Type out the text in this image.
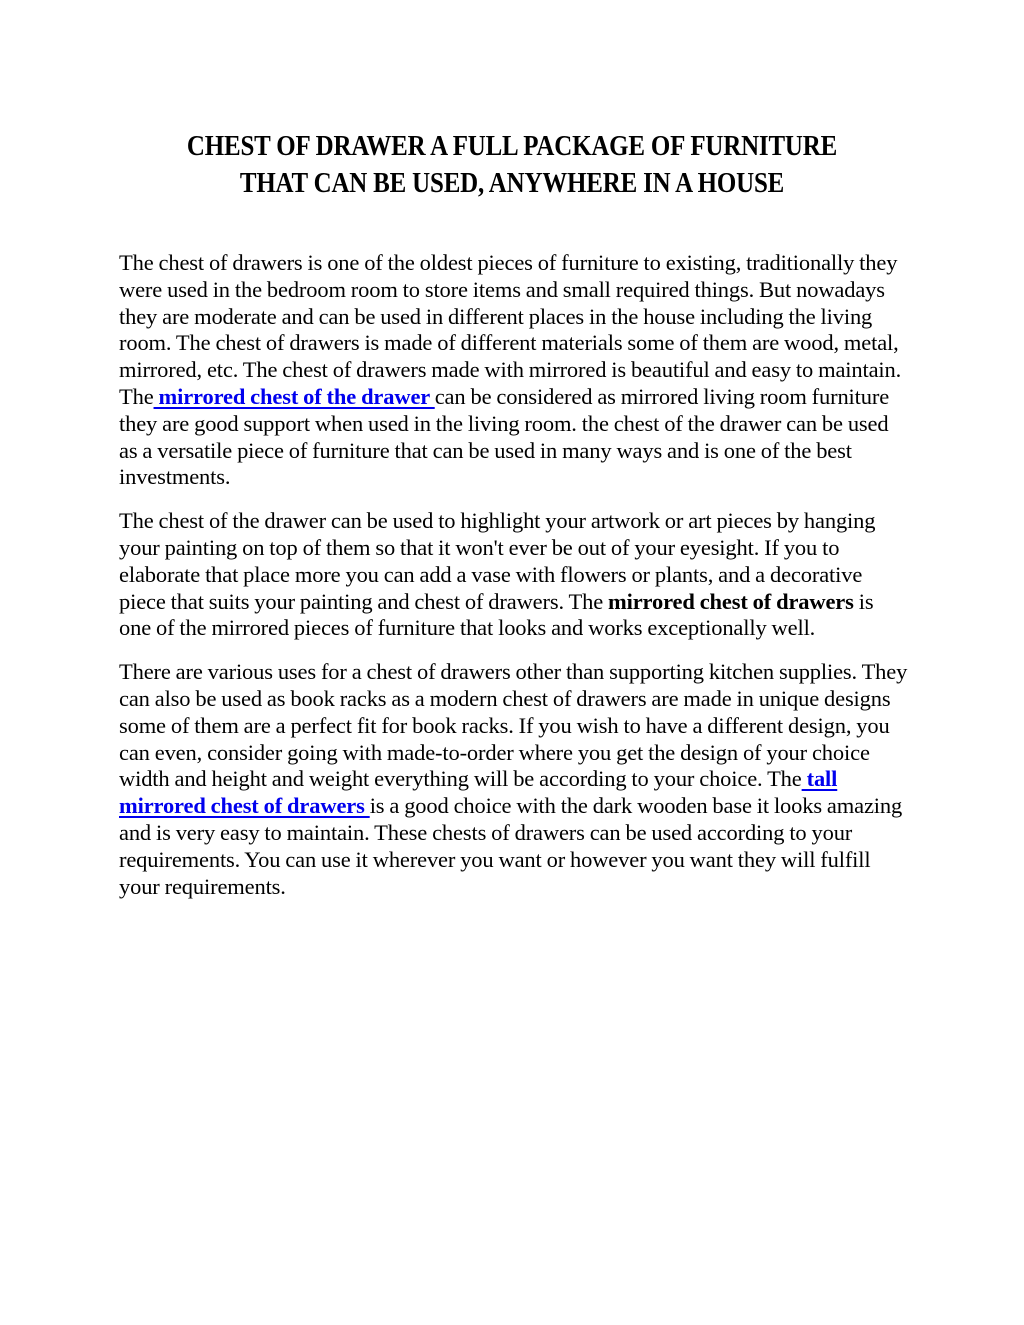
CHEST OF DRAWER A FULL PACKAGE OF FURNITURE
THAT CAN BE USED, ANYWHERE IN A HOUSE

The chest of drawers is one of the oldest pieces of furniture to existing, traditionally they were used in the bedroom room to store items and small required things. But nowadays they are moderate and can be used in different places in the house including the living room. The chest of drawers is made of different materials some of them are wood, metal, mirrored, etc. The chest of drawers made with mirrored is beautiful and easy to maintain. The mirrored chest of the drawer can be considered as mirrored living room furniture they are good support when used in the living room. the chest of the drawer can be used as a versatile piece of furniture that can be used in many ways and is one of the best investments.

The chest of the drawer can be used to highlight your artwork or art pieces by hanging your painting on top of them so that it won't ever be out of your eyesight. If you to elaborate that place more you can add a vase with flowers or plants, and a decorative piece that suits your painting and chest of drawers. The mirrored chest of drawers is one of the mirrored pieces of furniture that looks and works exceptionally well.

There are various uses for a chest of drawers other than supporting kitchen supplies. They can also be used as book racks as a modern chest of drawers are made in unique designs some of them are a perfect fit for book racks. If you wish to have a different design, you can even, consider going with made-to-order where you get the design of your choice width and height and weight everything will be according to your choice. The tall mirrored chest of drawers is a good choice with the dark wooden base it looks amazing and is very easy to maintain. These chests of drawers can be used according to your requirements. You can use it wherever you want or however you want they will fulfill your requirements.
